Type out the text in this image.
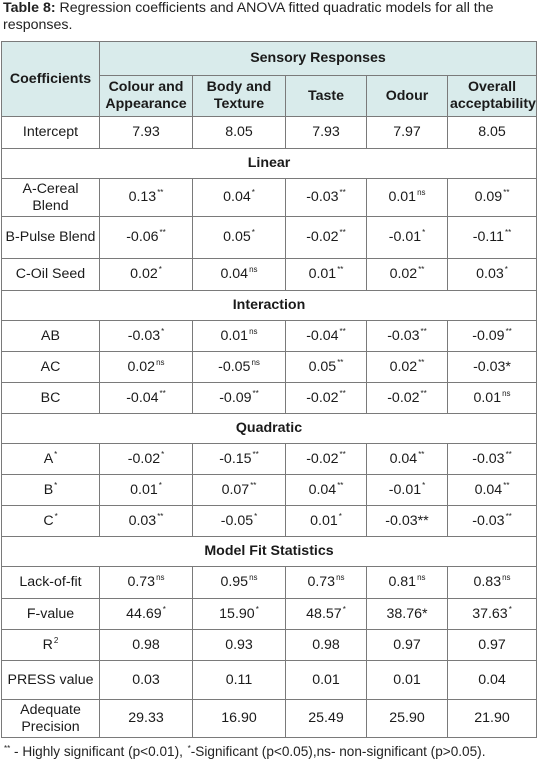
Table 8: Regression coefficients and ANOVA fitted quadratic models for all the responses.
Coefficients	Sensory Responses				
	Colour and Appearance	Body and Texture	Taste	Odour	Overall acceptability
Intercept	7.93	8.05	7.93	7.97	8.05
Linear					
A-Cereal Blend	0.13**	0.04*	-0.03**	$0.01^{ns}$	0.09**
B-Pulse Blend	-0.06**	0.05*	-0.02**	-0.01*	-0.11**
C-Oil Seed	0.02*	$0.04^{ns}$	0.01**	0.02**	0.03*
Interaction					
AB	-0.03*	$0.01^{ns}$	-0.04**	-0.03**	-0.09**
AC	$0.02^{ns}$	$-0.05^{ns}$	0.05**	0.02**	-0.03*
BC	-0.04**	-0.09**	-0.02**	-0.02**	$0.01^{ns}$
Quadratic					
A*	-0.02*	-0.15**	-0.02**	0.04**	-0.03**
B*	0.01*	0.07**	0.04**	-0.01*	0.04**
C*	0.03**	-0.05*	0.01*	-0.03**	-0.03**
Model Fit Statistics					
Lack-of-fit	$0.73^{ns}$	$0.95^{ns}$	$0.73^{ns}$	$0.81^{ns}$	$0.83^{ns}$
F-value	44.69*	15.90*	48.57*	38.76*	37.63*
$R^2$	0.98	0.93	0.98	0.97	0.97
PRESS value	0.03	0.11	0.01	0.01	0.04
Adequate Precision	29.33	16.90	25.49	25.90	21.90
** - Highly significant (p<0.01), *-Significant (p<0.05),ns- non-significant (p>0.05).
